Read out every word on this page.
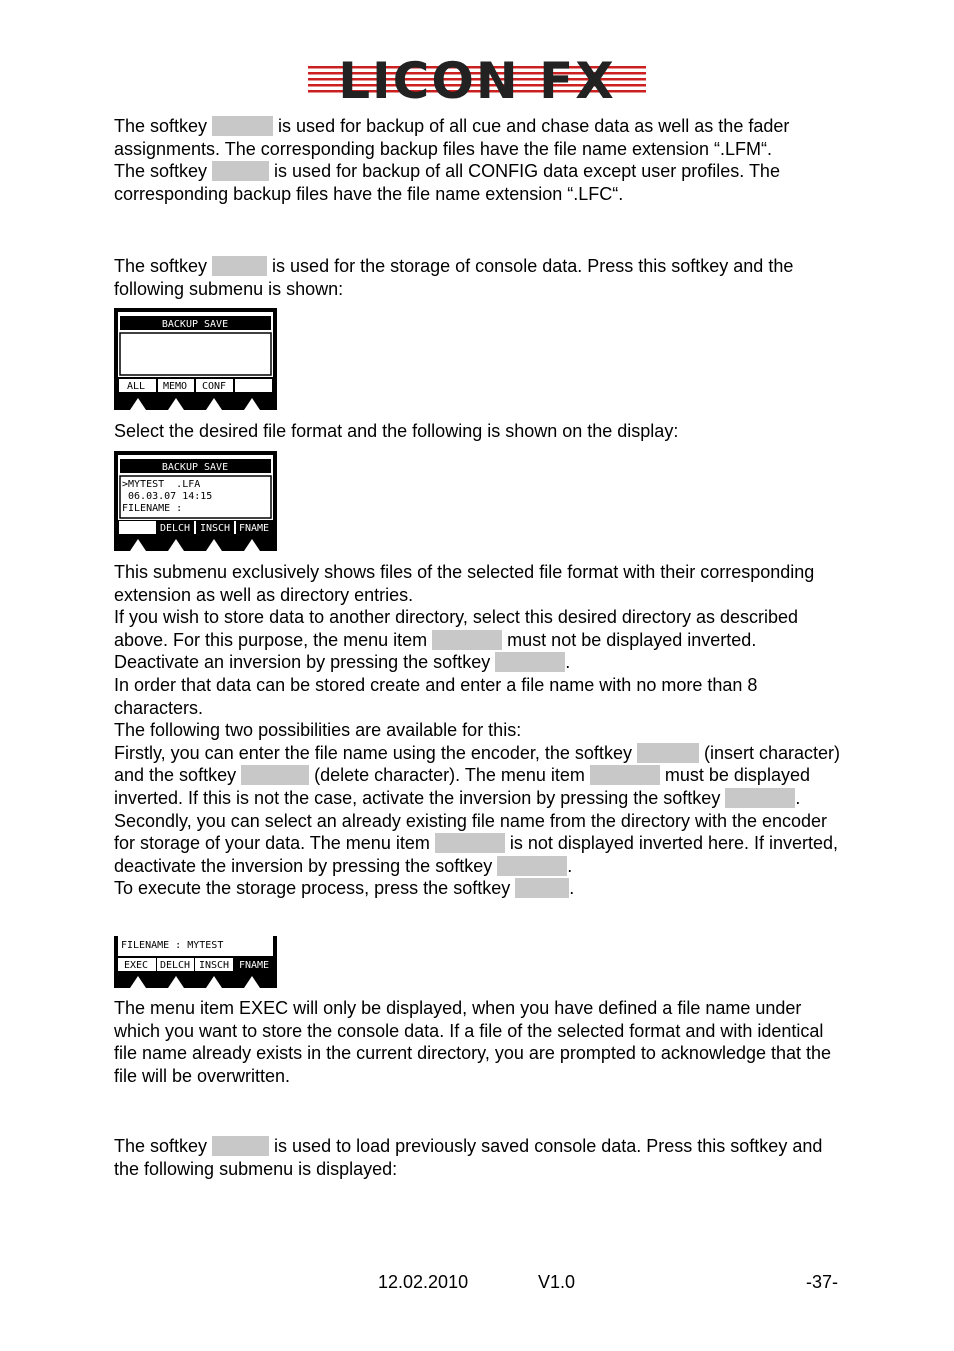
LICON FX

The softkey	is used for backup of all cue and chase data as well as the fader assignments. The corresponding backup files have the file name extension “.LFM“.
The softkey	is used for backup of all CONFIG data except user profiles. The corresponding backup files have the file name extension “.LFC“.

The softkey	is used for the storage of console data. Press this softkey and the following submenu is shown:

BACKUP SAVE
ALL MEMO CONF

Select the desired file format and the following is shown on the display:

BACKUP SAVE
>MYTEST  .LFA
06.03.07 14:15
FILENAME :
DELCH INSCH FNAME

This submenu exclusively shows files of the selected file format with their corresponding extension as well as directory entries.
If you wish to store data to another directory, select this desired directory as described above. For this purpose, the menu item	must not be displayed inverted. Deactivate an inversion by pressing the softkey	.
In order that data can be stored create and enter a file name with no more than 8 characters.
The following two possibilities are available for this:
Firstly, you can enter the file name using the encoder, the softkey	(insert character) and the softkey	(delete character). The menu item	must be displayed inverted. If this is not the case, activate the inversion by pressing the softkey	.
Secondly, you can select an already existing file name from the directory with the encoder for storage of your data. The menu item	is not displayed inverted here. If inverted, deactivate the inversion by pressing the softkey	.
To execute the storage process, press the softkey	.

FILENAME : MYTEST
EXEC DELCH INSCH FNAME

The menu item EXEC will only be displayed, when you have defined a file name under which you want to store the console data. If a file of the selected format and with identical file name already exists in the current directory, you are prompted to acknowledge that the file will be overwritten.

The softkey	is used to load previously saved console data. Press this softkey and the following submenu is displayed:

12.02.2010	V1.0	-37-
